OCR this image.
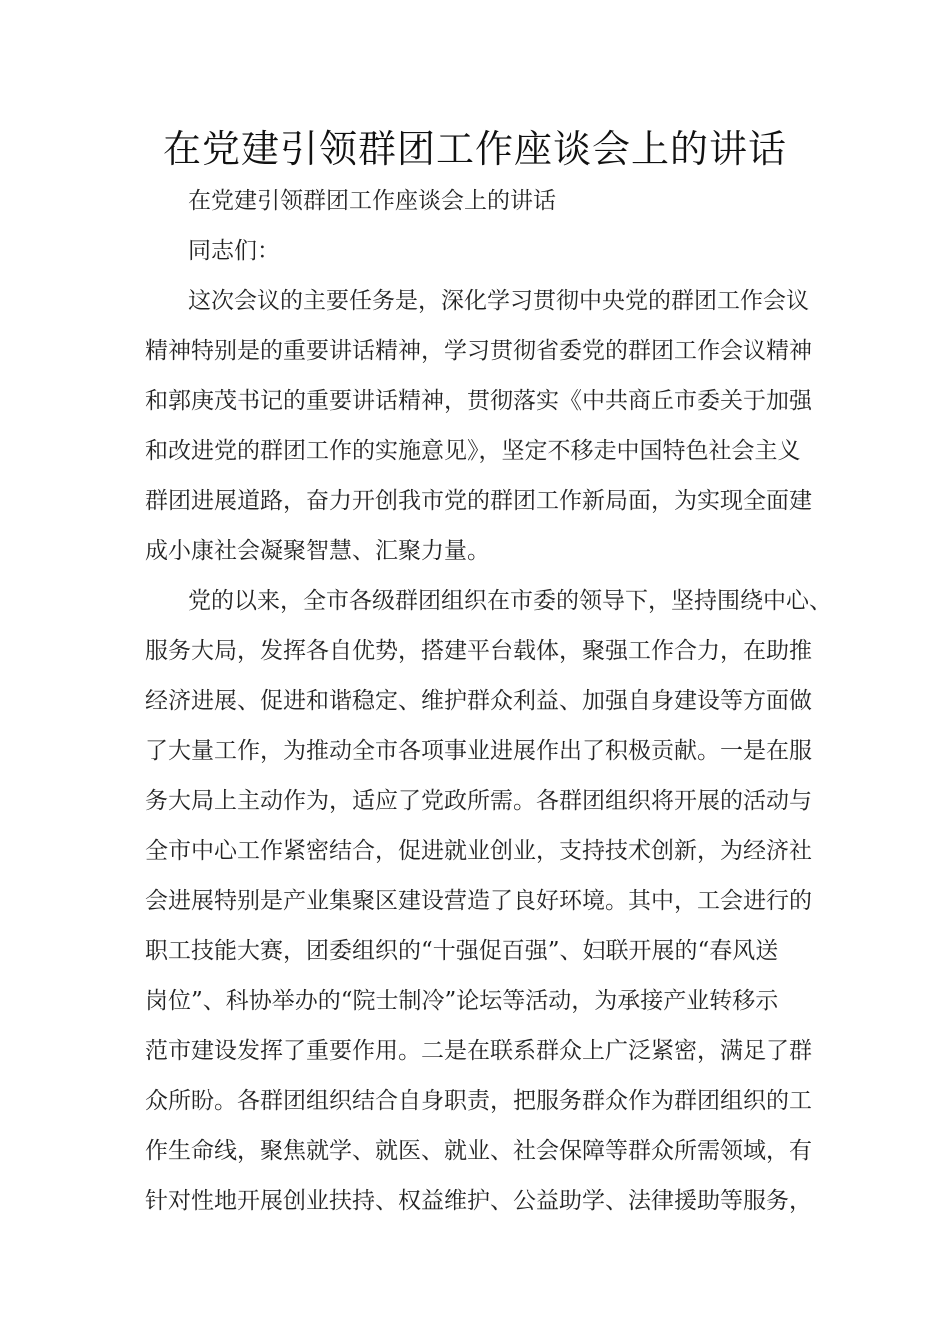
在党建引领群团工作座谈会上的讲话

在党建引领群团工作座谈会上的讲话

同志们：

这次会议的主要任务是，深化学习贯彻中央党的群团工作会议

精神特别是的重要讲话精神，学习贯彻省委党的群团工作会议精神

和郭庚茂书记的重要讲话精神，贯彻落实《中共商丘市委关于加强

和改进党的群团工作的实施意见》，坚定不移走中国特色社会主义

群团进展道路，奋力开创我市党的群团工作新局面，为实现全面建

成小康社会凝聚智慧、汇聚力量。

党的以来，全市各级群团组织在市委的领导下，坚持围绕中心、

服务大局，发挥各自优势，搭建平台载体，聚强工作合力，在助推

经济进展、促进和谐稳定、维护群众利益、加强自身建设等方面做

了大量工作，为推动全市各项事业进展作出了积极贡献。一是在服

务大局上主动作为，适应了党政所需。各群团组织将开展的活动与

全市中心工作紧密结合，促进就业创业，支持技术创新，为经济社

会进展特别是产业集聚区建设营造了良好环境。其中，工会进行的

职工技能大赛，团委组织的“十强促百强”、妇联开展的“春风送

岗位”、科协举办的“院士制冷”论坛等活动，为承接产业转移示

范市建设发挥了重要作用。二是在联系群众上广泛紧密，满足了群

众所盼。各群团组织结合自身职责，把服务群众作为群团组织的工

作生命线，聚焦就学、就医、就业、社会保障等群众所需领域，有

针对性地开展创业扶持、权益维护、公益助学、法律援助等服务，
